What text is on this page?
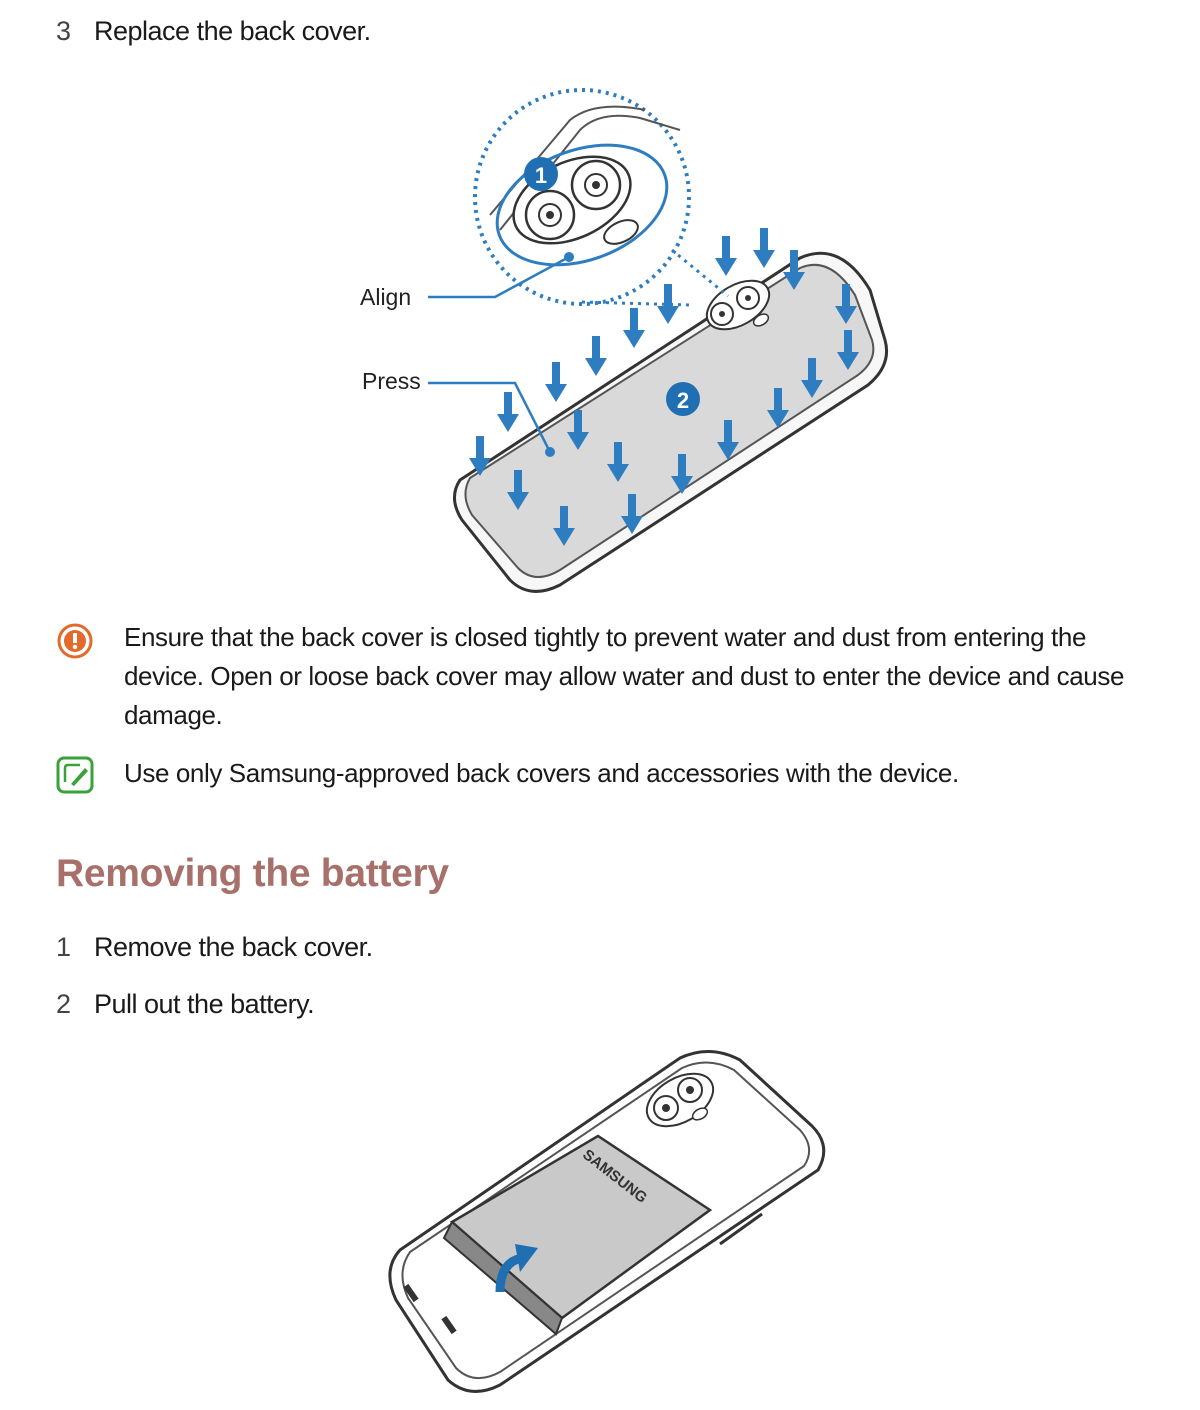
3 Replace the back cover.
1
2
Align
Press
Ensure that the back cover is closed tightly to prevent water and dust from entering the device. Open or loose back cover may allow water and dust to enter the device and cause damage.
Use only Samsung-approved back covers and accessories with the device.
Removing the battery
1 Remove the back cover.
2 Pull out the battery.
SAMSUNG
